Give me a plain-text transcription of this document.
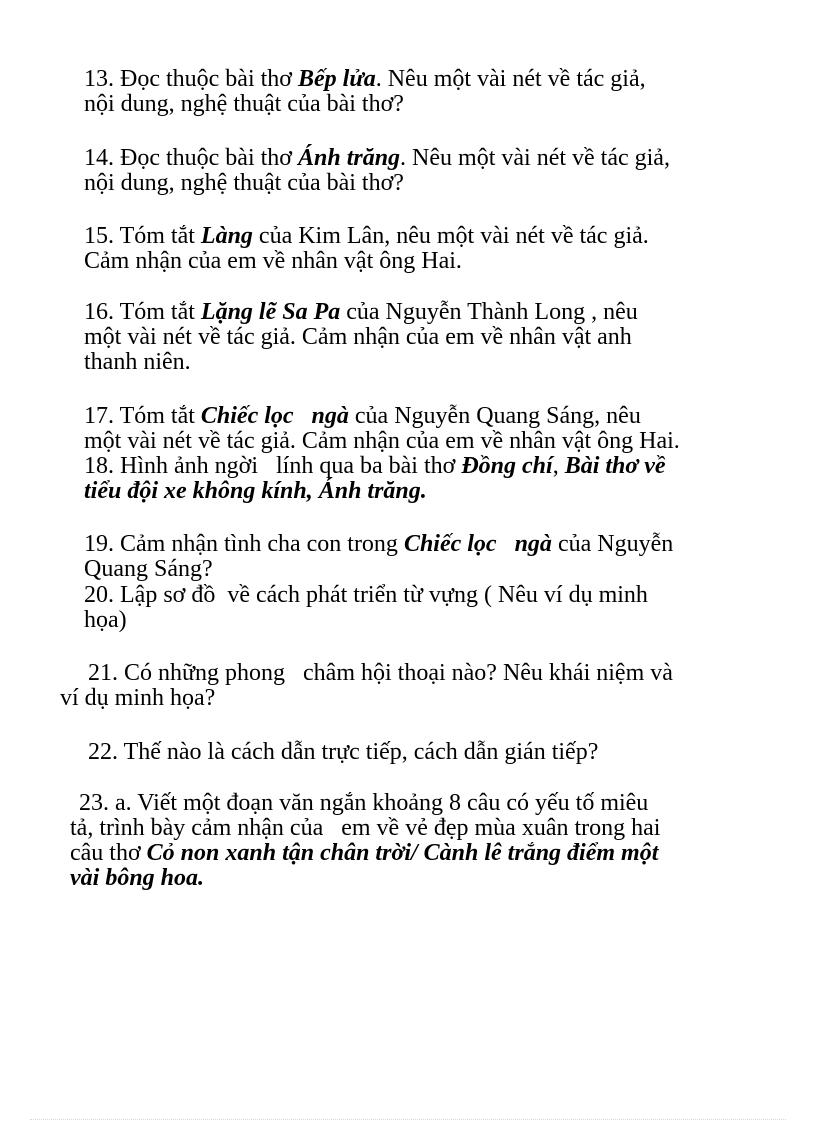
13. Đọc thuộc bài thơ Bếp lửa. Nêu một vài nét về tác giả,
nội dung, nghệ thuật của bài thơ?
14. Đọc thuộc bài thơ Ánh trăng. Nêu một vài nét về tác giả,
nội dung, nghệ thuật của bài thơ?
15. Tóm tắt Làng của Kim Lân, nêu một vài nét về tác giả.
Cảm nhận của em về nhân vật ông Hai.
16. Tóm tắt Lặng lẽ Sa Pa của Nguyễn Thành Long , nêu
một vài nét về tác giả. Cảm nhận của em về nhân vật anh
thanh niên.
17. Tóm tắt Chiếc lọc   ngà của Nguyễn Quang Sáng, nêu
một vài nét về tác giả. Cảm nhận của em về nhân vật ông Hai.
18. Hình ảnh ngời   lính qua ba bài thơ Đồng chí, Bài thơ về
tiểu đội xe không kính, Ánh trăng.
19. Cảm nhận tình cha con trong Chiếc lọc   ngà của Nguyễn
Quang Sáng?
20. Lập sơ đồ  về cách phát triển từ vựng ( Nêu ví dụ minh
họa)
21. Có những phong   châm hội thoại nào? Nêu khái niệm và
ví dụ minh họa?
22. Thế nào là cách dẫn trực tiếp, cách dẫn gián tiếp?
23. a. Viết một đoạn văn ngắn khoảng 8 câu có yếu tố miêu
tả, trình bày cảm nhận của   em về vẻ đẹp mùa xuân trong hai
câu thơ Cỏ non xanh tận chân trời/ Cành lê trắng điểm một
vài bông hoa.
